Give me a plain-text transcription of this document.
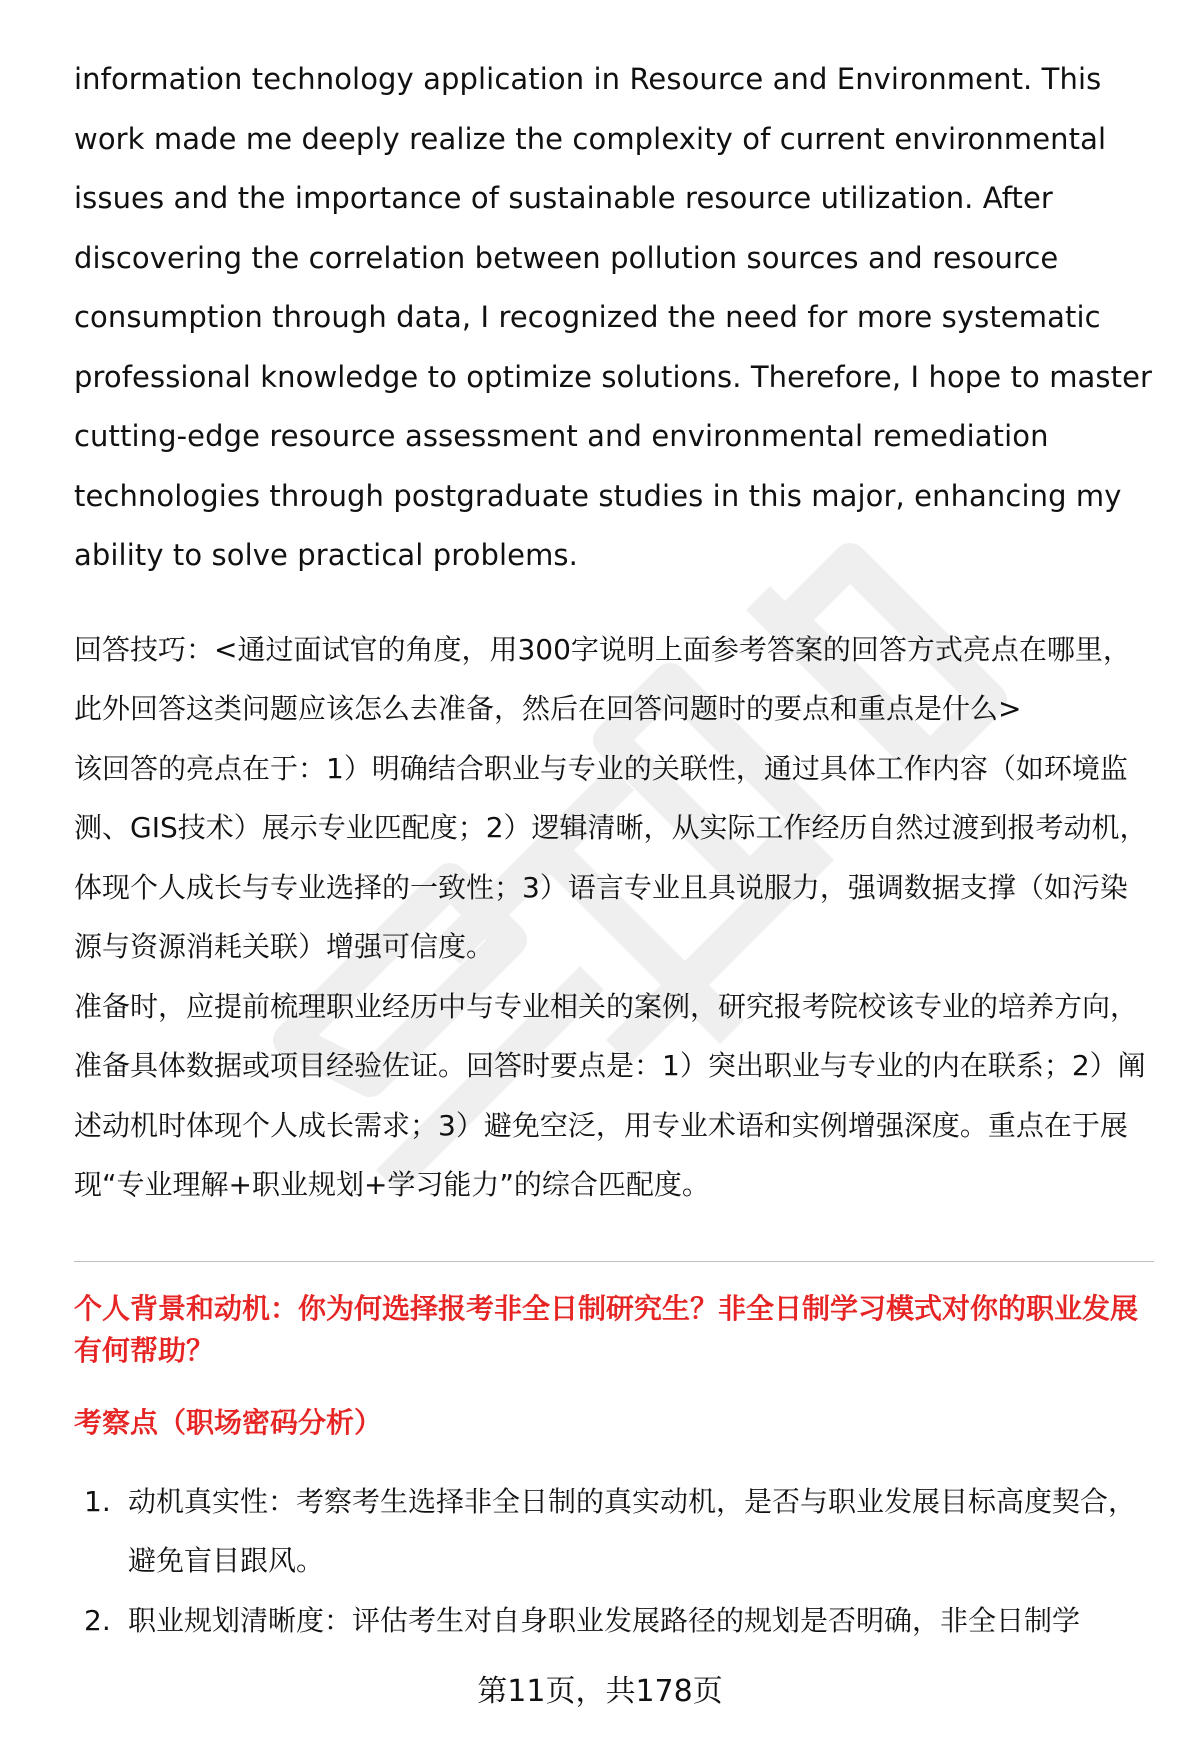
information technology application in Resource and Environment. This work made me deeply realize the complexity of current environmental issues and the importance of sustainable resource utilization. After discovering the correlation between pollution sources and resource consumption through data, I recognized the need for more systematic professional knowledge to optimize solutions. Therefore, I hope to master cutting-edge resource assessment and environmental remediation technologies through postgraduate studies in this major, enhancing my ability to solve practical problems.

回答技巧：<通过面试官的角度，用300字说明上面参考答案的回答方式亮点在哪里，此外回答这类问题应该怎么去准备，然后在回答问题时的要点和重点是什么>

该回答的亮点在于：1）明确结合职业与专业的关联性，通过具体工作内容（如环境监测、GIS技术）展示专业匹配度；2）逻辑清晰，从实际工作经历自然过渡到报考动机，体现个人成长与专业选择的一致性；3）语言专业且具说服力，强调数据支撑（如污染源与资源消耗关联）增强可信度。

准备时，应提前梳理职业经历中与专业相关的案例，研究报考院校该专业的培养方向，准备具体数据或项目经验佐证。回答时要点是：1）突出职业与专业的内在联系；2）阐述动机时体现个人成长需求；3）避免空泛，用专业术语和实例增强深度。重点在于展现“专业理解+职业规划+学习能力”的综合匹配度。

个人背景和动机：你为何选择报考非全日制研究生？非全日制学习模式对你的职业发展有何帮助？
考察点（职场密码分析）
1. 动机真实性：考察考生选择非全日制的真实动机，是否与职业发展目标高度契合，避免盲目跟风。
2. 职业规划清晰度：评估考生对自身职业发展路径的规划是否明确，非全日制学
第11页，共178页
